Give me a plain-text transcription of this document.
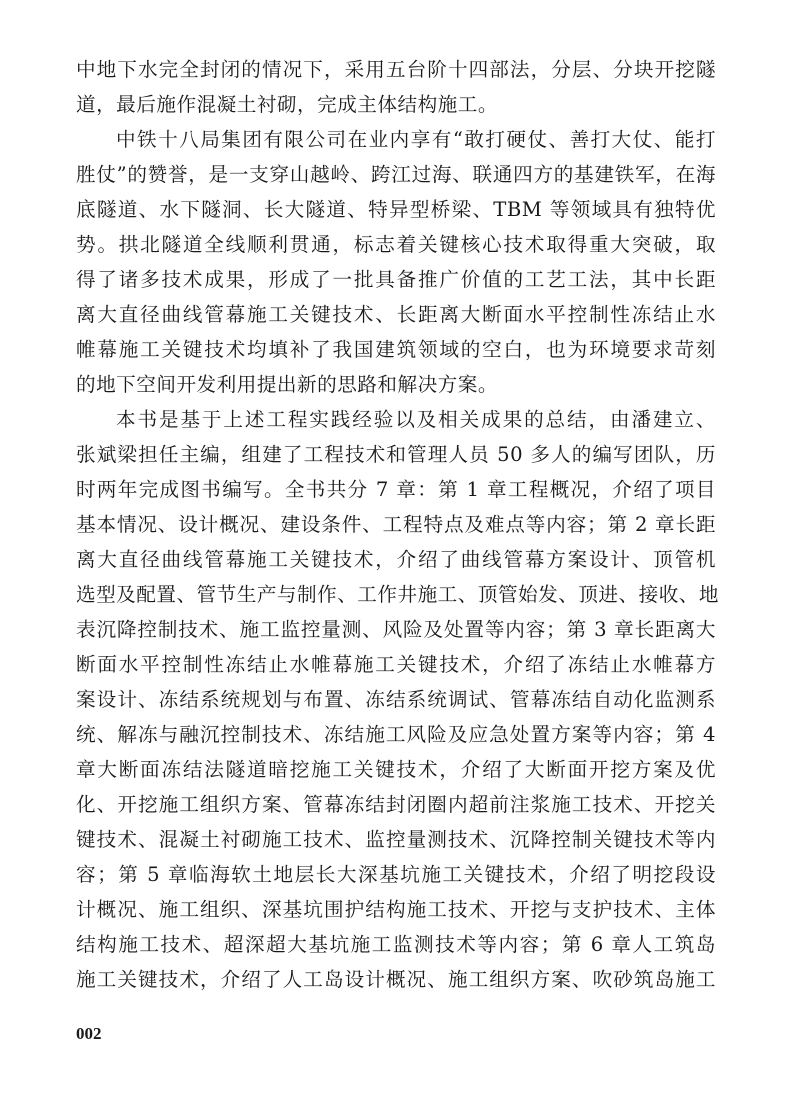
中地下水完全封闭的情况下，采用五台阶十四部法，分层、分块开挖隧
道，最后施作混凝土衬砌，完成主体结构施工。
中铁十八局集团有限公司在业内享有“敢打硬仗、善打大仗、能打
胜仗”的赞誉，是一支穿山越岭、跨江过海、联通四方的基建铁军，在海
底隧道、水下隧洞、长大隧道、特异型桥梁、TBM 等领域具有独特优
势。拱北隧道全线顺利贯通，标志着关键核心技术取得重大突破，取
得了诸多技术成果，形成了一批具备推广价值的工艺工法，其中长距
离大直径曲线管幕施工关键技术、长距离大断面水平控制性冻结止水
帷幕施工关键技术均填补了我国建筑领域的空白，也为环境要求苛刻
的地下空间开发利用提出新的思路和解决方案。
本书是基于上述工程实践经验以及相关成果的总结，由潘建立、
张斌梁担任主编，组建了工程技术和管理人员 50 多人的编写团队，历
时两年完成图书编写。全书共分 7 章：第 1 章工程概况，介绍了项目
基本情况、设计概况、建设条件、工程特点及难点等内容；第 2 章长距
离大直径曲线管幕施工关键技术，介绍了曲线管幕方案设计、顶管机
选型及配置、管节生产与制作、工作井施工、顶管始发、顶进、接收、地
表沉降控制技术、施工监控量测、风险及处置等内容；第 3 章长距离大
断面水平控制性冻结止水帷幕施工关键技术，介绍了冻结止水帷幕方
案设计、冻结系统规划与布置、冻结系统调试、管幕冻结自动化监测系
统、解冻与融沉控制技术、冻结施工风险及应急处置方案等内容；第 4
章大断面冻结法隧道暗挖施工关键技术，介绍了大断面开挖方案及优
化、开挖施工组织方案、管幕冻结封闭圈内超前注浆施工技术、开挖关
键技术、混凝土衬砌施工技术、监控量测技术、沉降控制关键技术等内
容；第 5 章临海软土地层长大深基坑施工关键技术，介绍了明挖段设
计概况、施工组织、深基坑围护结构施工技术、开挖与支护技术、主体
结构施工技术、超深超大基坑施工监测技术等内容；第 6 章人工筑岛
施工关键技术，介绍了人工岛设计概况、施工组织方案、吹砂筑岛施工
002
